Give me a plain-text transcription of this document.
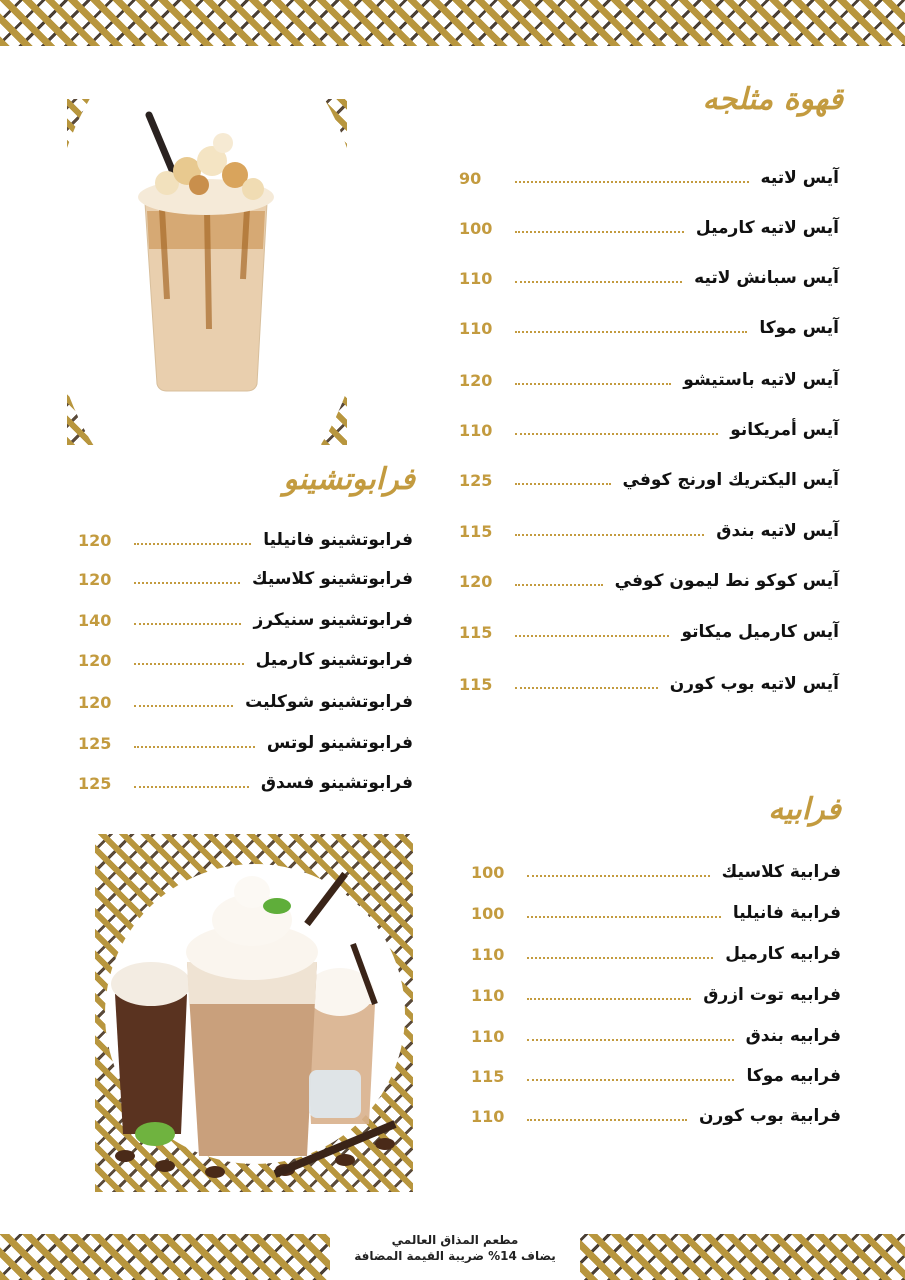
قهوة مثلجه
آيس لاتيه
90
آيس لاتيه كارميل
100
آيس سبانش لاتيه
110
آيس موكا
110
آيس لاتيه باستيشو
120
آيس أمريكانو
110
آيس اليكتريك اورنج كوفي
125
آيس لاتيه بندق
115
آيس كوكو نط ليمون كوفي
120
آيس كارميل ميكاتو
115
آيس لاتيه بوب كورن
115
فرابوتشينو
فرابوتشينو فانيليا
120
فرابوتشينو كلاسيك
120
فرابوتشينو سنيكرز
140
فرابوتشينو كارميل
120
فرابوتشينو شوكليت
120
فرابوتشينو لوتس
125
فرابوتشينو فسدق
125
فرابيه
فرابية كلاسيك
100
فرابية فانيليا
100
فرابيه كارميل
110
فرابيه توت ازرق
110
فرابيه بندق
110
فرابيه موكا
115
فرابية بوب كورن
110
مطعم المذاق العالمي
يضاف 14% ضريبة القيمة المضافة
